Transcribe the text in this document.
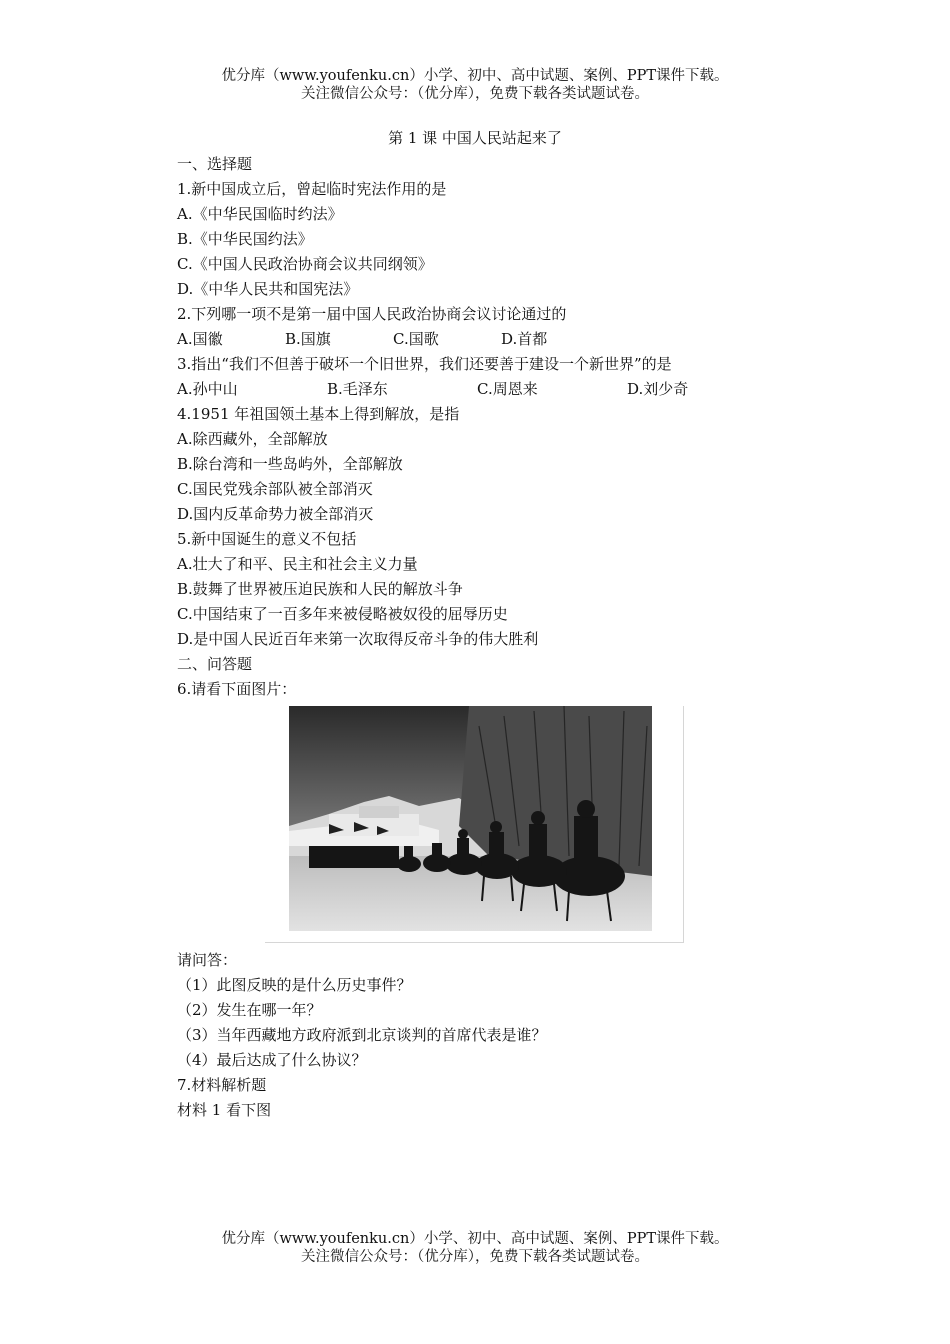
优分库（www.youfenku.cn）小学、初中、高中试题、案例、PPT课件下载。
关注微信公众号：（优分库），免费下载各类试题试卷。
第 1 课 中国人民站起来了
一、选择题
1.新中国成立后，曾起临时宪法作用的是
A.《中华民国临时约法》
B.《中华民国约法》
C.《中国人民政治协商会议共同纲领》
D.《中华人民共和国宪法》
2.下列哪一项不是第一届中国人民政治协商会议讨论通过的
A.国徽	B.国旗	C.国歌	D.首都
3.指出“我们不但善于破坏一个旧世界，我们还要善于建设一个新世界”的是
A.孙中山	B.毛泽东	C.周恩来	D.刘少奇
4.1951 年祖国领土基本上得到解放，是指
A.除西藏外，全部解放
B.除台湾和一些岛屿外，全部解放
C.国民党残余部队被全部消灭
D.国内反革命势力被全部消灭
5.新中国诞生的意义不包括
A.壮大了和平、民主和社会主义力量
B.鼓舞了世界被压迫民族和人民的解放斗争
C.中国结束了一百多年来被侵略被奴役的屈辱历史
D.是中国人民近百年来第一次取得反帝斗争的伟大胜利
二、问答题
6.请看下面图片：
请问答：
（1）此图反映的是什么历史事件？
（2）发生在哪一年？
（3）当年西藏地方政府派到北京谈判的首席代表是谁？
（4）最后达成了什么协议？
7.材料解析题
材料 1 看下图
优分库（www.youfenku.cn）小学、初中、高中试题、案例、PPT课件下载。
关注微信公众号：（优分库），免费下载各类试题试卷。
